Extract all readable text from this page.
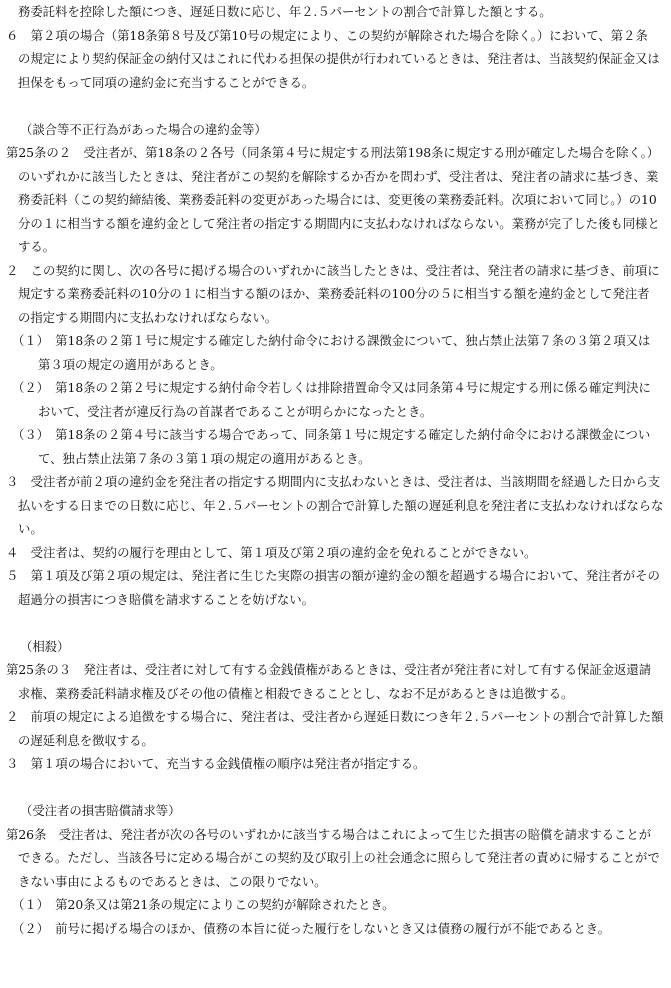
務委託料を控除した額につき、遅延日数に応じ、年２.５パーセントの割合で計算した額とする。
６　第２項の場合（第18条第８号及び第10号の規定により、この契約が解除された場合を除く。）において、第２条
の規定により契約保証金の納付又はこれに代わる担保の提供が行われているときは、発注者は、当該契約保証金又は
担保をもって同項の違約金に充当することができる。
（談合等不正行為があった場合の違約金等）
第25条の２　受注者が、第18条の２各号（同条第４号に規定する刑法第198条に規定する刑が確定した場合を除く。）
のいずれかに該当したときは、発注者がこの契約を解除するか否かを問わず、受注者は、発注者の請求に基づき、業
務委託料（この契約締結後、業務委託料の変更があった場合には、変更後の業務委託料。次項において同じ。）の10
分の１に相当する額を違約金として発注者の指定する期間内に支払わなければならない。業務が完了した後も同様と
する。
２　この契約に関し、次の各号に掲げる場合のいずれかに該当したときは、受注者は、発注者の請求に基づき、前項に
規定する業務委託料の10分の１に相当する額のほか、業務委託料の100分の５に相当する額を違約金として発注者
の指定する期間内に支払わなければならない。
（１）　第18条の２第１号に規定する確定した納付命令における課徴金について、独占禁止法第７条の３第２項又は
第３項の規定の適用があるとき。
（２）　第18条の２第２号に規定する納付命令若しくは排除措置命令又は同条第４号に規定する刑に係る確定判決に
おいて、受注者が違反行為の首謀者であることが明らかになったとき。
（３）　第18条の２第４号に該当する場合であって、同条第１号に規定する確定した納付命令における課徴金につい
て、独占禁止法第７条の３第１項の規定の適用があるとき。
３　受注者が前２項の違約金を発注者の指定する期間内に支払わないときは、受注者は、当該期間を経過した日から支
払いをする日までの日数に応じ、年２.５パーセントの割合で計算した額の遅延利息を発注者に支払わなければならな
い。
４　受注者は、契約の履行を理由として、第１項及び第２項の違約金を免れることができない。
５　第１項及び第２項の規定は、発注者に生じた実際の損害の額が違約金の額を超過する場合において、発注者がその
超過分の損害につき賠償を請求することを妨げない。
（相殺）
第25条の３　発注者は、受注者に対して有する金銭債権があるときは、受注者が発注者に対して有する保証金返還請
求権、業務委託料請求権及びその他の債権と相殺できることとし、なお不足があるときは追徴する。
２　前項の規定による追徴をする場合に、発注者は、受注者から遅延日数につき年２.５パーセントの割合で計算した額
の遅延利息を徴収する。
３　第１項の場合において、充当する金銭債権の順序は発注者が指定する。
（受注者の損害賠償請求等）
第26条　受注者は、発注者が次の各号のいずれかに該当する場合はこれによって生じた損害の賠償を請求することが
できる。ただし、当該各号に定める場合がこの契約及び取引上の社会通念に照らして発注者の責めに帰することがで
きない事由によるものであるときは、この限りでない。
（１）　第20条又は第21条の規定によりこの契約が解除されたとき。
（２）　前号に掲げる場合のほか、債務の本旨に従った履行をしないとき又は債務の履行が不能であるとき。
